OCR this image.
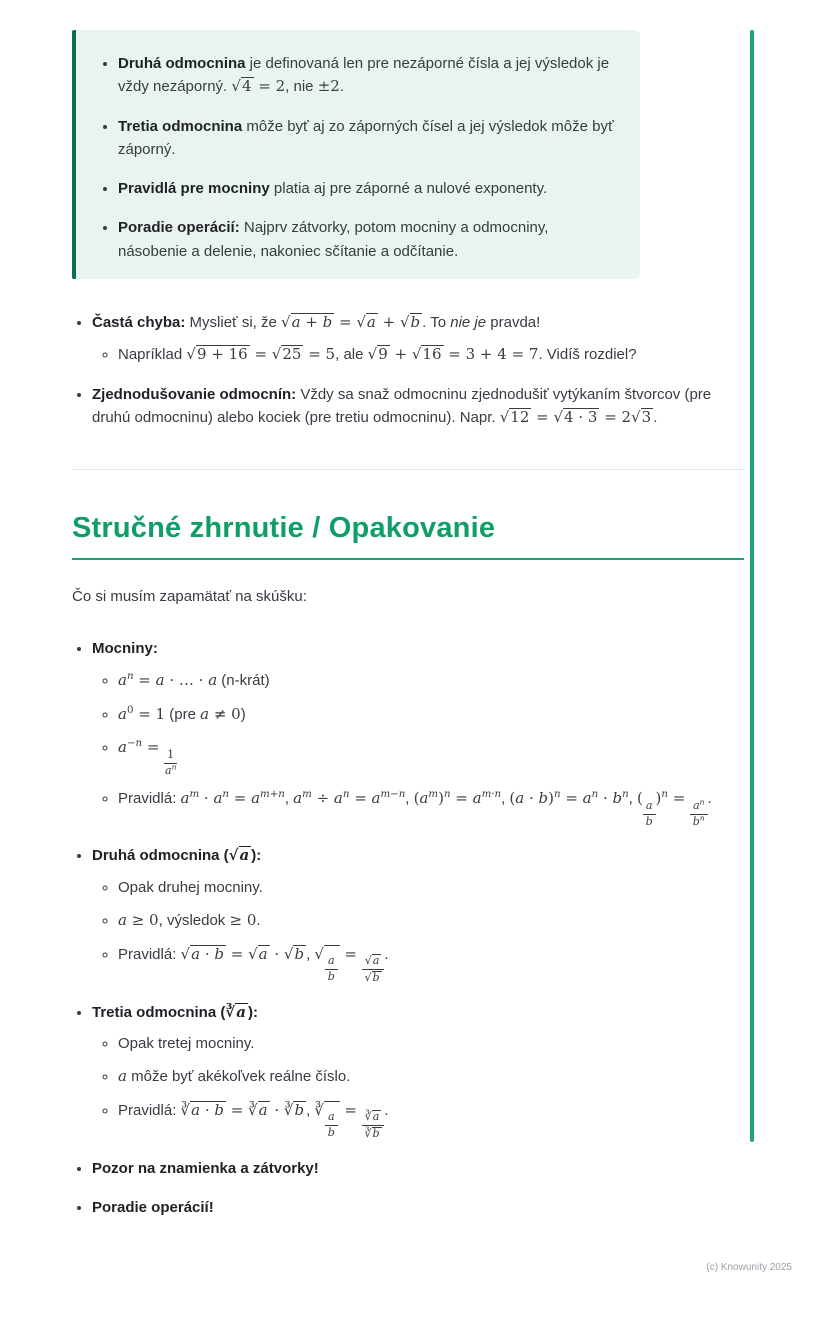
• Druhá odmocnina je definovaná len pre nezáporné čísla a jej výsledok je vždy nezáporný. √4 = 2, nie ±2.
• Tretia odmocnina môže byť aj zo záporných čísel a jej výsledok môže byť záporný.
• Pravidlá pre mocniny platia aj pre záporné a nulové exponenty.
• Poradie operácií: Najprv zátvorky, potom mocniny a odmocniny, násobenie a delenie, nakoniec sčítanie a odčítanie.
• Častá chyba: Myslieť si, že √a + b = √a + √b . To nie je pravda!
◦ Napríklad √9 + 16 = √25 = 5, ale √9 + √16 = 3 + 4 = 7. Vidíš rozdiel?
• Zjednodušovanie odmocnín: Vždy sa snaž odmocninu zjednodušiť vytýkaním štvorcov (pre druhú odmocninu) alebo kociek (pre tretiu odmocninu). Napr. √12 = √4 · 3 = 2√3 .
Stručné zhrnutie / Opakovanie

Čo si musím zapamätať na skúšku:

• Mocniny:
◦ $a^n = a$ · … · a (n-krát)
◦ $a^0 = 1$ (pre a ≠ 0)
◦ $a^{-n}$ =
$\frac{1}{a^n}$
◦ Pravidlá: $a^m \cdot a^n = a^{m+n}$, $a^m \div a^n = a^{m-n}$, $(a^m)^n = a^{m\cdot n}$, $(a \cdot b)^n = a^n \cdot b^n$, (
$\frac{a}{b}$
)$^n$ =
$\frac{a^n}{b^n}$
.
• Druhá odmocnina (√a ):
◦ Opak druhej mocniny.
◦ a ≥ 0, výsledok ≥ 0.
◦ Pravidlá: √a · b = √a · √b , √
$\frac{a}{b}$
=
$\frac{√a}{√b}$
.
• Tretia odmocnina (∛a ):
◦ Opak tretej mocniny.
◦ a môže byť akékoľvek reálne číslo.
◦ Pravidlá: ∛a · b = ∛a · ∛b , ∛
$\frac{a}{b}$
=
$\frac{∛a}{∛b}$
.
• Pozor na znamienka a zátvorky!
• Poradie operácií!
(c) Knowunity 2025
